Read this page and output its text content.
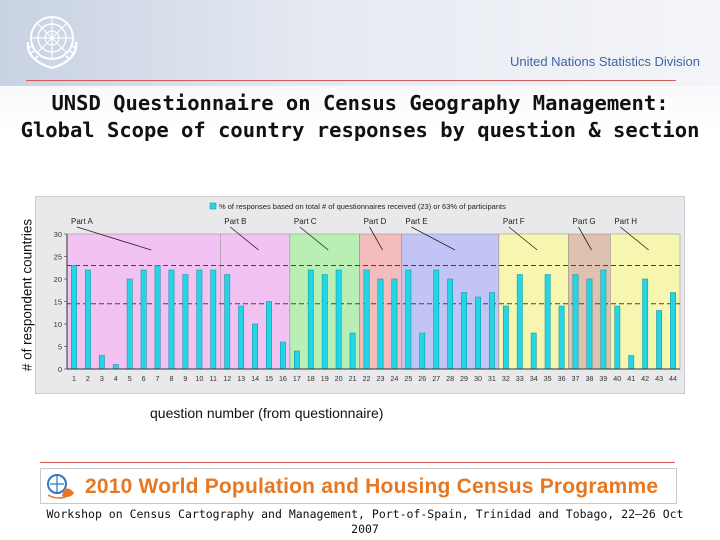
United Nations Statistics Division
UNSD Questionnaire on Census Geography Management: Global Scope of country responses by question & section
# of respondent countries	Part A	Part B	Part C	Part D Part E	Part F	Part G Part H
% of responses based on total # of questionnaires received (23) or 63% of participants
30
25
20
15
10
5
0
1 2 3 4 5 6 7 8 9 10 11 12 13 14 15 16 17 18 19 20 21 22 23 24 25 26 27 28 29 30 31 32 33 34 35 36 37 38 39 40 41 42 43 44
question number (from questionnaire)
2010 World Population and Housing Census Programme
Workshop on Census Cartography and Management, Port-of-Spain, Trinidad and Tobago, 22–26 Oct 2007
